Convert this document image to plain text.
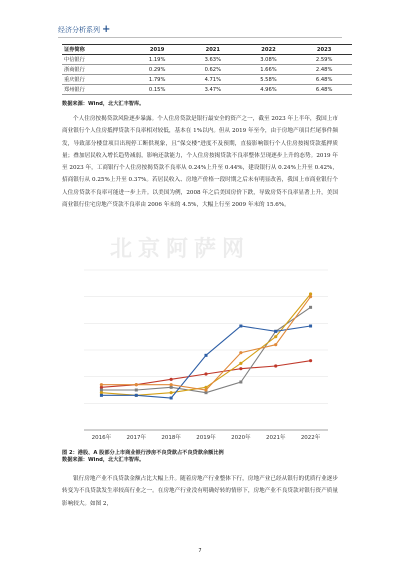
经济分析系列 +
证券简称	2019	2021	2022	2023
中信银行	1.19%	3.63%	3.08%	2.59%
浙商银行	0.29%	0.62%	1.66%	2.48%
重庆银行	1.79%	4.71%	5.58%	6.48%
郑州银行	0.15%	3.47%	4.96%	6.48%
数据来源：Wind，北大汇丰智库。
个人住房按揭贷款风险逐步暴露。个人住房贷款是银行最安全的资产之一，截至 2023 年上半年，我国上市商业银行个人住房抵押贷款不良率相对较低，基本在 1%以内。但从 2019 年至今，由于房地产项目烂尾事件频发，导致部分楼盘项目出现停工断供现象，且“保交楼”进度不及预期，直接影响银行个人住房按揭贷款抵押质量；叠加居民收入增长趋势减弱，影响还款能力，个人住房按揭贷款不良率整体呈现逐步上升的态势。2019 年至 2023 年，工商银行个人住房按揭贷款不良率从 0.24%上升至 0.44%，建设银行从 0.24%上升至 0.42%，招商银行从 0.25%上升至 0.37%。若居民收入、房地产价格一段时期之后未有明显改善，我国上市商业银行个人住房贷款不良率可能进一步上升。以美国为例，2008 年之后美国房价下跌，导致房贷不良率显著上升，美国商业银行住宅房地产贷款不良率由 2006 年末的 4.5%，大幅上行至 2009 年末的 15.6%。
北京阿萨网
2016年	2017年	2018年	2019年	2020年	2021年	2022年
图 2：港股、A 股部分上市商业银行涉房不良贷款占不良贷款余额比例
数据来源：Wind，北大汇丰智库。
银行房地产业不良贷款金额占比大幅上升。随着房地产行业整体下行，房地产业已经从银行的优质行业逐步转变为不良贷款发生率较高行业之一。在房地产行业没有明确好转的情形下，房地产业不良贷款对银行资产质量影响较大。如图 2，
7
